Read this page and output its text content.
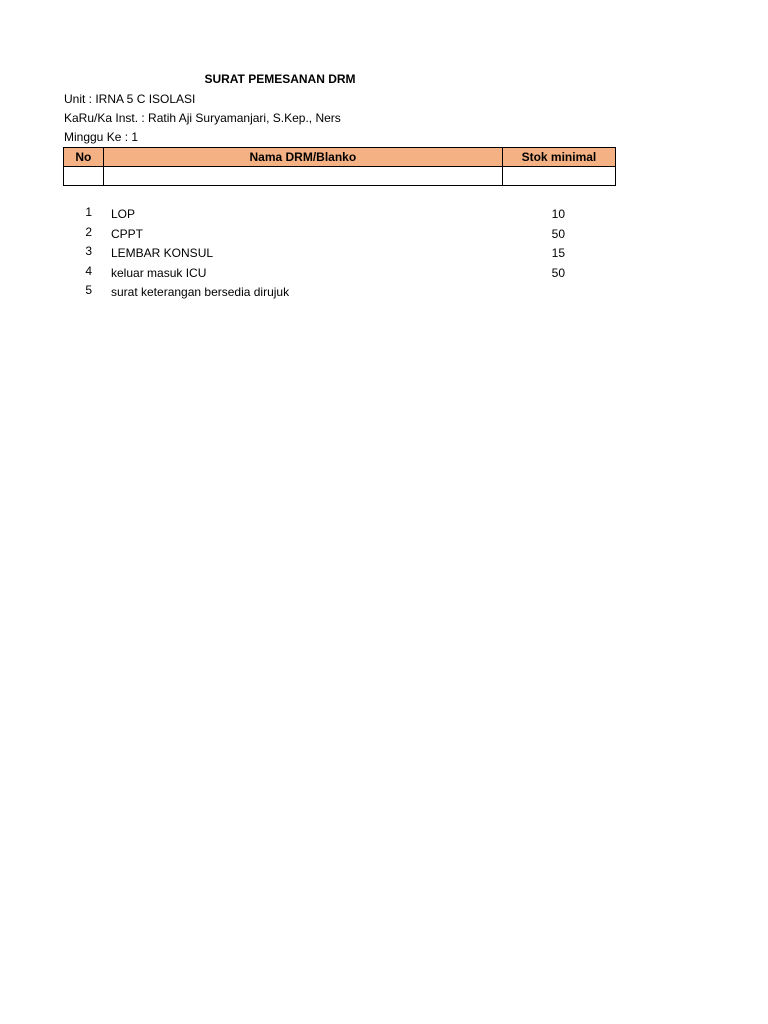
SURAT PEMESANAN DRM
Unit : IRNA 5 C ISOLASI
KaRu/Ka Inst. : Ratih Aji Suryamanjari, S.Kep., Ners
Minggu Ke : 1
No	Nama DRM/Blanko	Stok minimal

1 LOP	10
2 CPPT	50
3 LEMBAR KONSUL	15
4 keluar masuk ICU	50
5 surat keterangan bersedia dirujuk
